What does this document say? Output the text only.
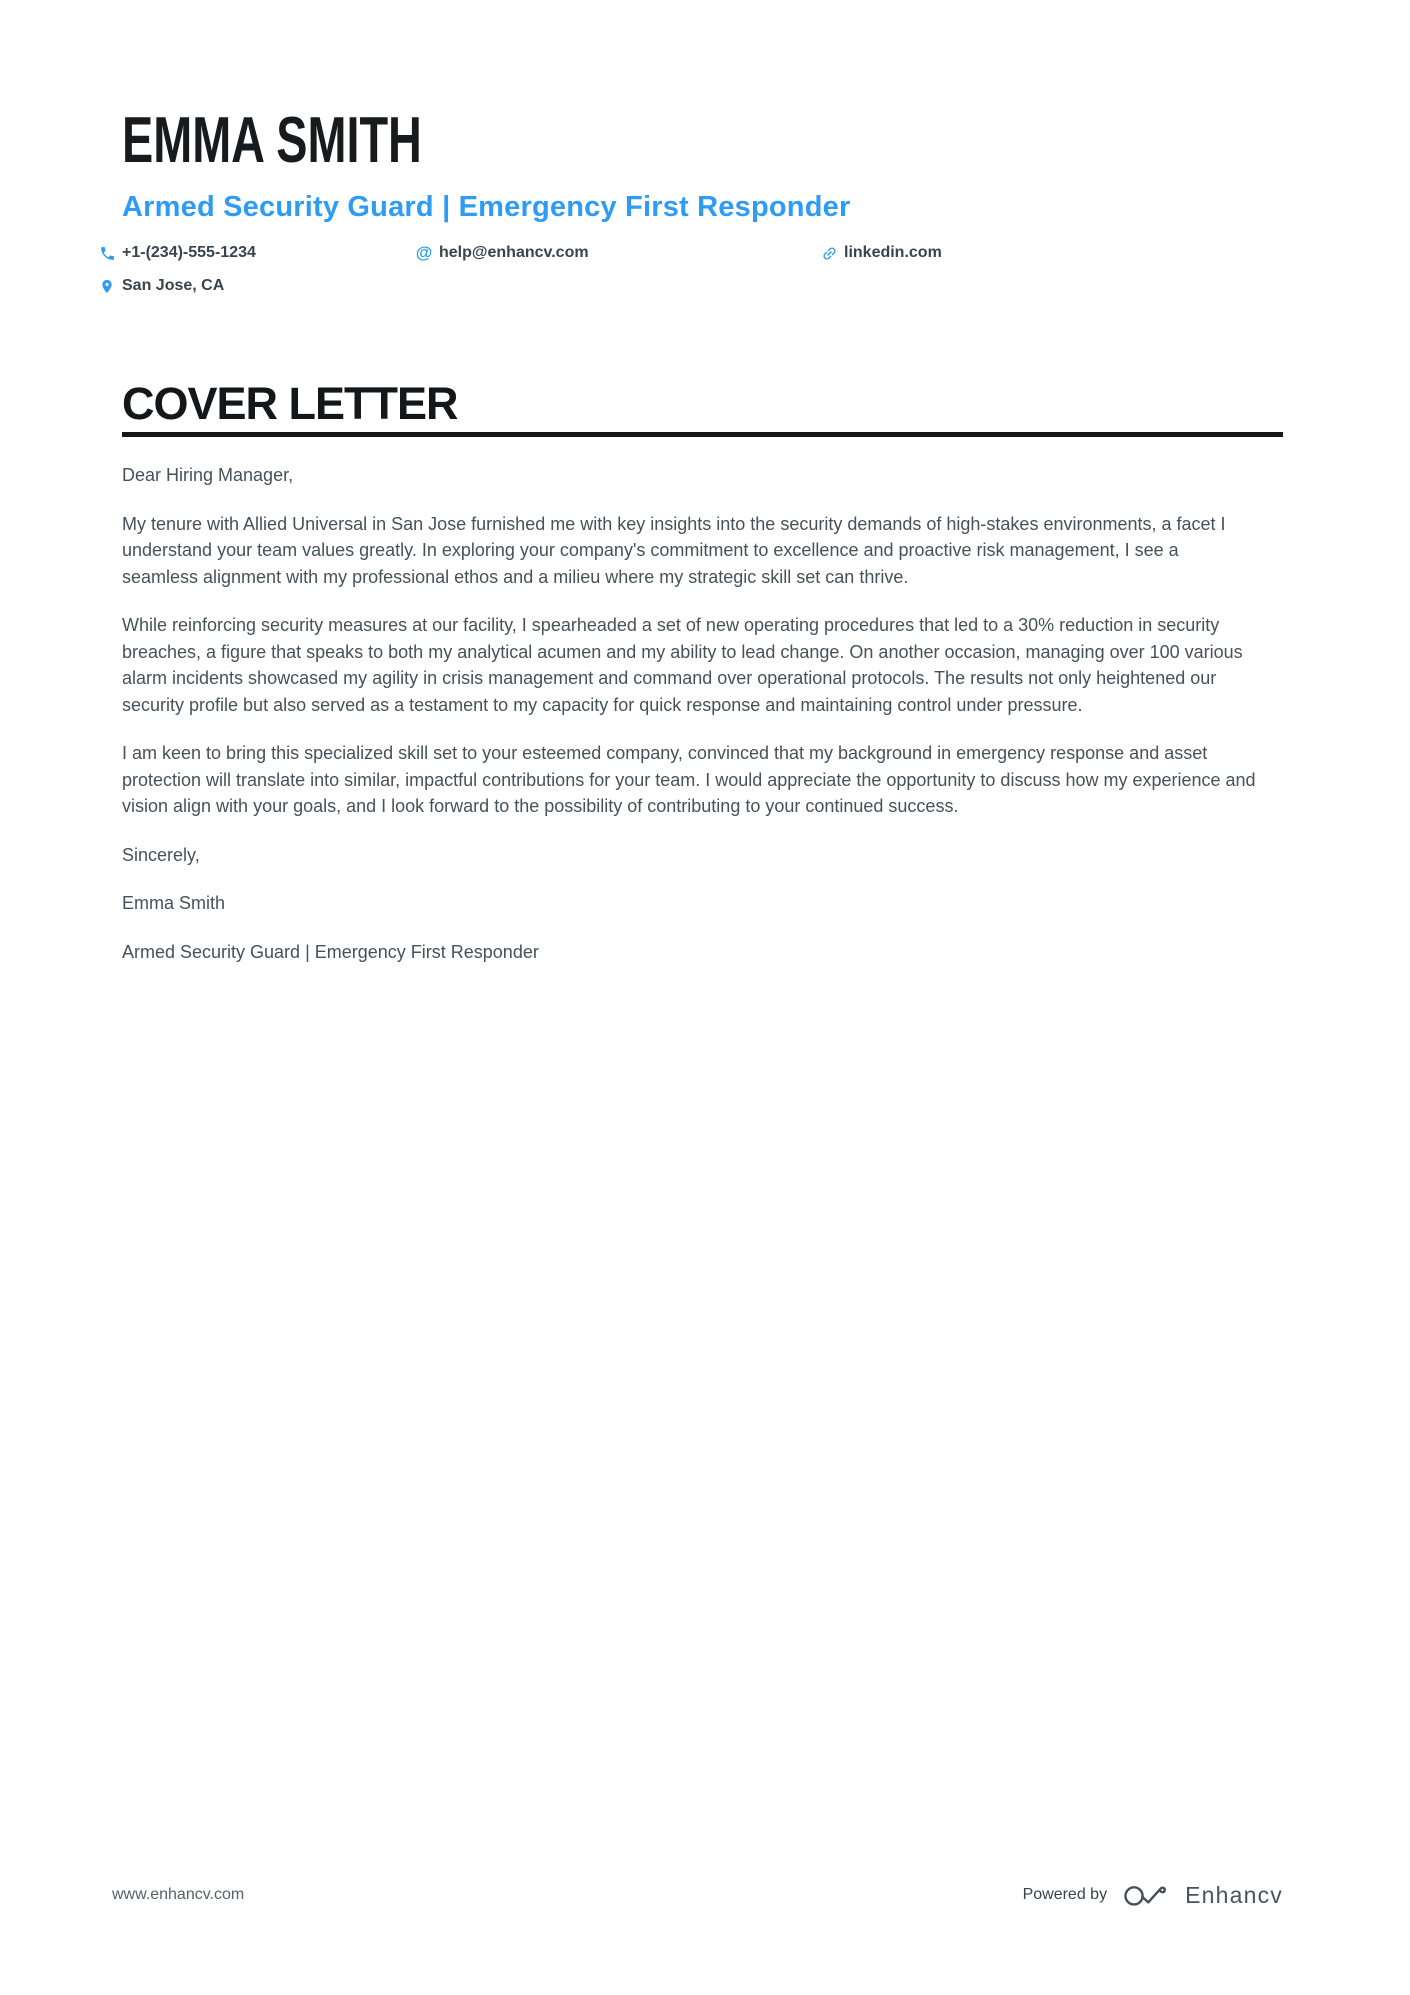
EMMA SMITH
Armed Security Guard | Emergency First Responder
+1-(234)-555-1234	@ help@enhancv.com	linkedin.com
San Jose, CA
COVER LETTER

Dear Hiring Manager,

My tenure with Allied Universal in San Jose furnished me with key insights into the security demands of high-stakes environments, a facet I understand your team values greatly. In exploring your company's commitment to excellence and proactive risk management, I see a seamless alignment with my professional ethos and a milieu where my strategic skill set can thrive.

While reinforcing security measures at our facility, I spearheaded a set of new operating procedures that led to a 30% reduction in security breaches, a figure that speaks to both my analytical acumen and my ability to lead change. On another occasion, managing over 100 various alarm incidents showcased my agility in crisis management and command over operational protocols. The results not only heightened our security profile but also served as a testament to my capacity for quick response and maintaining control under pressure.

I am keen to bring this specialized skill set to your esteemed company, convinced that my background in emergency response and asset protection will translate into similar, impactful contributions for your team. I would appreciate the opportunity to discuss how my experience and vision align with your goals, and I look forward to the possibility of contributing to your continued success.

Sincerely,

Emma Smith

Armed Security Guard | Emergency First Responder

www.enhancv.com	Powered by	Enhancv
